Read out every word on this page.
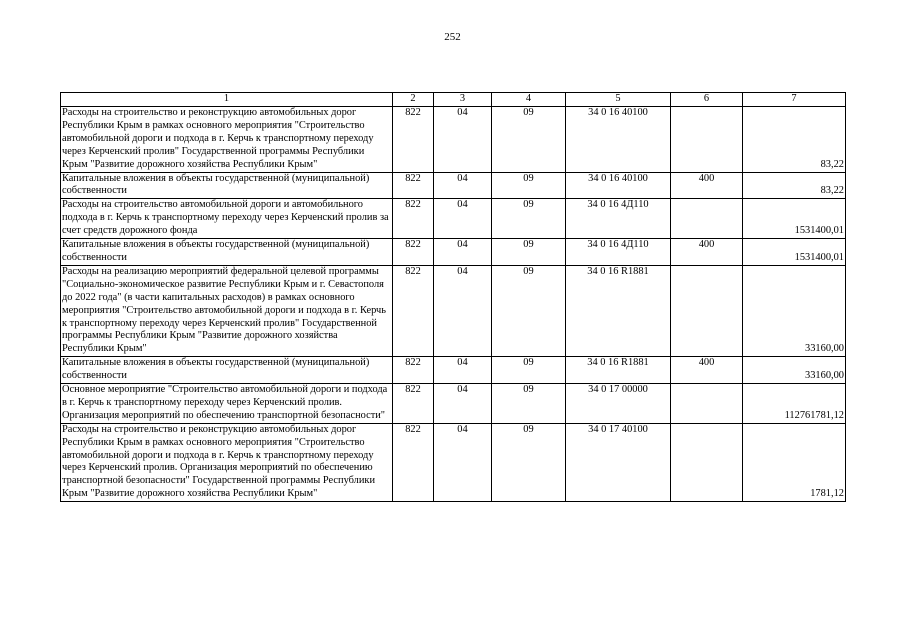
252
1	2	3	4	5	6	7
Расходы на строительство и реконструкцию автомобильных дорог Республики Крым в рамках основного мероприятия "Строительство автомобильной дороги и подхода в г. Керчь к транспортному переходу через Керченский пролив" Государственной программы Республики Крым "Развитие дорожного хозяйства Республики Крым"	822	04	09	34 0 16 40100		83,22
Капитальные вложения в объекты государственной (муниципальной) собственности	822	04	09	34 0 16 40100	400	83,22
Расходы на строительство автомобильной дороги и автомобильного подхода в г. Керчь к транспортному переходу через Керченский пролив за счет средств дорожного фонда	822	04	09	34 0 16 4Д110		1531400,01
Капитальные вложения в объекты государственной (муниципальной) собственности	822	04	09	34 0 16 4Д110	400	1531400,01
Расходы на реализацию мероприятий федеральной целевой программы "Социально-экономическое развитие Республики Крым и г. Севастополя до 2022 года" (в части капитальных расходов) в рамках основного мероприятия "Строительство автомобильной дороги и подхода в г. Керчь к транспортному переходу через Керченский пролив" Государственной программы Республики Крым "Развитие дорожного хозяйства Республики Крым"	822	04	09	34 0 16 R1881		33160,00
Капитальные вложения в объекты государственной (муниципальной) собственности	822	04	09	34 0 16 R1881	400	33160,00
Основное мероприятие "Строительство автомобильной дороги и подхода в г. Керчь к транспортному переходу через Керченский пролив. Организация мероприятий по обеспечению транспортной безопасности"	822	04	09	34 0 17 00000		112761781,12
Расходы на строительство и реконструкцию автомобильных дорог Республики Крым в рамках основного мероприятия "Строительство автомобильной дороги и подхода в г. Керчь к транспортному переходу через Керченский пролив. Организация мероприятий по обеспечению транспортной безопасности" Государственной программы Республики Крым "Развитие дорожного хозяйства Республики Крым"	822	04	09	34 0 17 40100		1781,12
